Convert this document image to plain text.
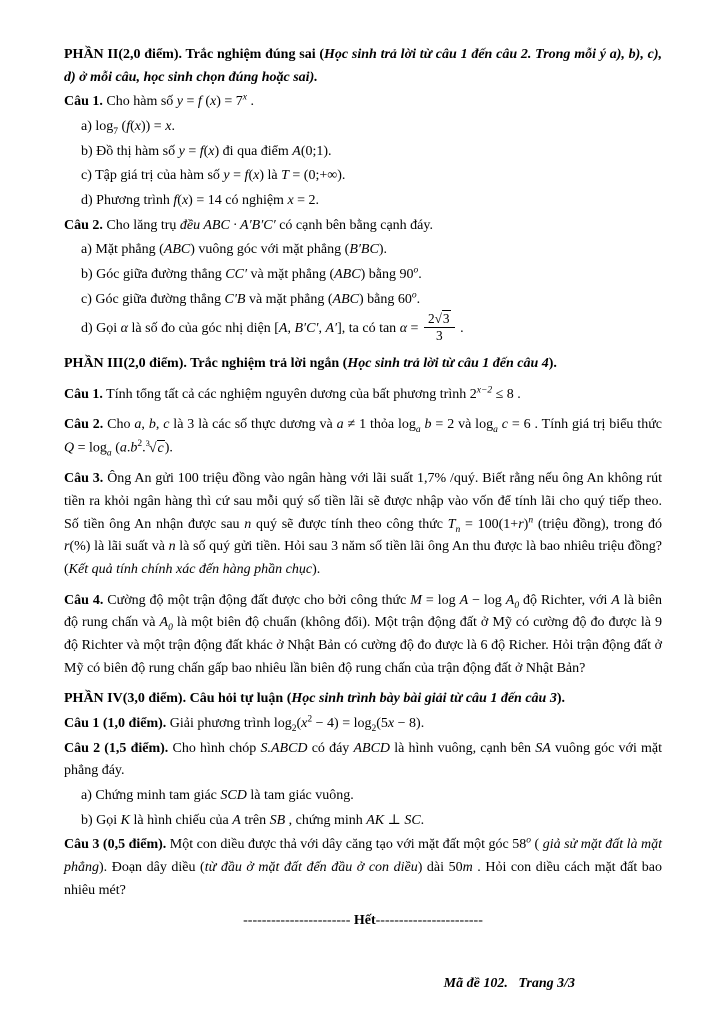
PHẦN II(2,0 điểm). Trắc nghiệm đúng sai (Học sinh trả lời từ câu 1 đến câu 2. Trong mỗi ý a), b), c), d) ở mỗi câu, học sinh chọn đúng hoặc sai).
Câu 1. Cho hàm số y = f $(x) = 7^x$ .
a) $\log_7 (f(x)) = x$.
b) Đồ thị hàm số y = f(x) đi qua điểm A(0;1).
c) Tập giá trị của hàm số y = f(x) là T = (0;+∞).
d) Phương trình f(x) = 14 có nghiệm x = 2.
Câu 2. Cho lăng trụ đều ABC · A′B′C′ có cạnh bên bằng cạnh đáy.
a) Mặt phẳng (ABC) vuông góc với mặt phẳng (B′BC).
b) Góc giữa đường thẳng CC′ và mặt phẳng (ABC) bằng 90$^o$.
c) Góc giữa đường thẳng C′B và mặt phẳng (ABC) bằng 60$^o$.
d) Gọi α là số đo của góc nhị diện [A, B′C′, A′], ta có $\tan \alpha = \frac{2√3}{3}$ .
PHẦN III(2,0 điểm). Trắc nghiệm trả lời ngắn (Học sinh trả lời từ câu 1 đến câu 4).
Câu 1. Tính tổng tất cả các nghiệm nguyên dương của bất phương trình $2^{x-2} \le 8$ .
Câu 2. Cho a, b, c là 3 là các số thực dương và a ≠ 1 thỏa $\log_a b = 2$ và $\log_a c = 6$ . Tính giá trị biểu thức $Q = \log_a (a.b^2.^3√c)$.
Câu 3. Ông An gửi 100 triệu đồng vào ngân hàng với lãi suất 1,7% /quý. Biết rằng nếu ông An không rút tiền ra khỏi ngân hàng thì cứ sau mỗi quý số tiền lãi sẽ được nhập vào vốn để tính lãi cho quý tiếp theo. Số tiền ông An nhận được sau n quý sẽ được tính theo công thức $T_n = 100(1+r)^n$ (triệu đồng), trong đó r(%) là lãi suất và n là số quý gửi tiền. Hỏi sau 3 năm số tiền lãi ông An thu được là bao nhiêu triệu đồng? (Kết quả tính chính xác đến hàng phần chục).
Câu 4. Cường độ một trận động đất được cho bởi công thức $M = \log A - \log A_0$ độ Richter, với A là biên độ rung chấn và $A_0$ là một biên độ chuẩn (không đổi). Một trận động đất ở Mỹ có cường độ đo được là 9 độ Richter và một trận động đất khác ở Nhật Bản có cường độ đo được là 6 độ Richer. Hỏi trận động đất ở Mỹ có biên độ rung chấn gấp bao nhiêu lần biên độ rung chấn của trận động đất ở Nhật Bản?
PHẦN IV(3,0 điểm). Câu hỏi tự luận (Học sinh trình bày bài giải từ câu 1 đến câu 3).
Câu 1 (1,0 điểm). Giải phương trình $\log_2(x^2 - 4) = \log_2(5x - 8)$.
Câu 2 (1,5 điểm). Cho hình chóp S.ABCD có đáy ABCD là hình vuông, cạnh bên SA vuông góc với mặt phẳng đáy.
a) Chứng minh tam giác SCD là tam giác vuông.
b) Gọi K là hình chiếu của A trên SB , chứng minh AK ⊥ SC.
Câu 3 (0,5 điểm). Một con diều được thả với dây căng tạo với mặt đất một góc 58$^o$ ( giả sử mặt đất là mặt phẳng). Đoạn dây diều (từ đầu ở mặt đất đến đầu ở con diều) dài 50m . Hỏi con diều cách mặt đất bao nhiêu mét?
----------------------- Hết-----------------------
Mã đề 102.   Trang 3/3
